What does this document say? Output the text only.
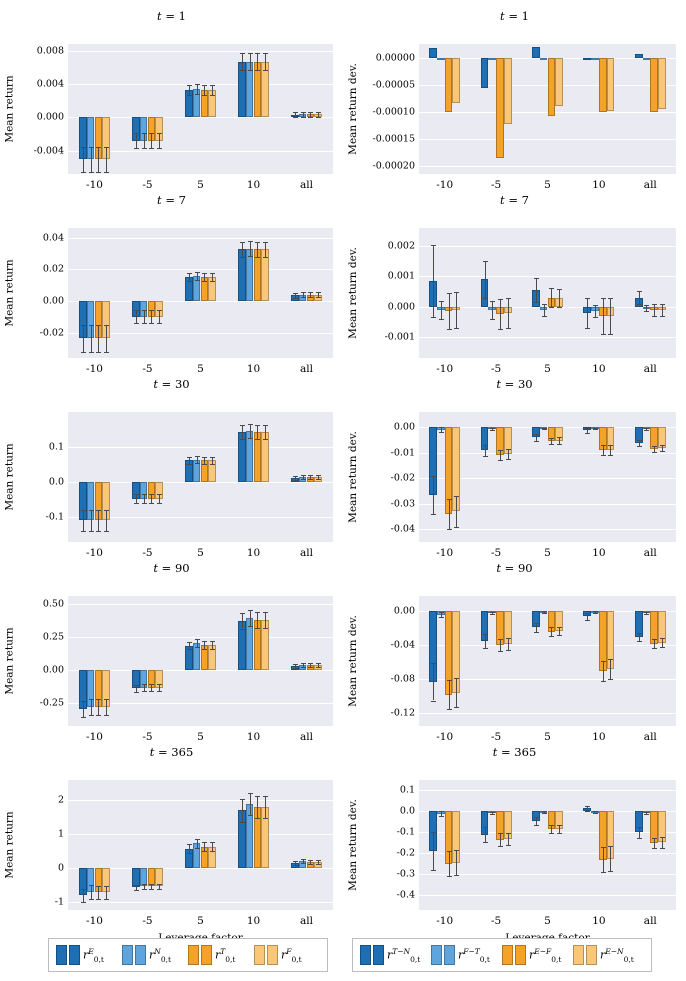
t = 1
Mean return
-0.004
0.000
0.004
0.008
-10	-5	5	10	all
t = 1
Mean return dev.
-0.00020
-0.00015
-0.00010
-0.00005
0.00000
-10	-5	5	10	all
t = 7
Mean return
-0.02
0.00
0.02
0.04
-10	-5	5	10	all
t = 7
Mean return dev.	-0.001
0.000
0.001
0.002
-10	-5	5	10	all
t = 30
Mean return
-0.1
0.0
0.1
-10	-5	5	10	all
t = 30
Mean return dev.
-0.04
-0.03
-0.02
-0.01
0.00
-10	-5	5	10	all
t = 90
Mean return
-0.25
0.00
0.25
0.50
-10	-5	5	10	all
t = 90
Mean return dev.
-0.12
-0.08
-0.04
0.00
-10	-5	5	10	all
t = 365
Mean return
-1
0
1
2
-10	-5	5	10	all
t = 365
Mean return dev.
-0.4
-0.3
-0.2
-0.1
0.0
0.1
-10	-5	5	10	all
$r^E_{0,t}$	$r^N_{0,t}$	$r^T_{0,t}$	$r^F_{0,t}$	$r^{T-N}_{0,t}$	$r^{F-T}_{0,t}$	$r^{E-F}_{0,t}$	$r^{E-N}_{0,t}$
